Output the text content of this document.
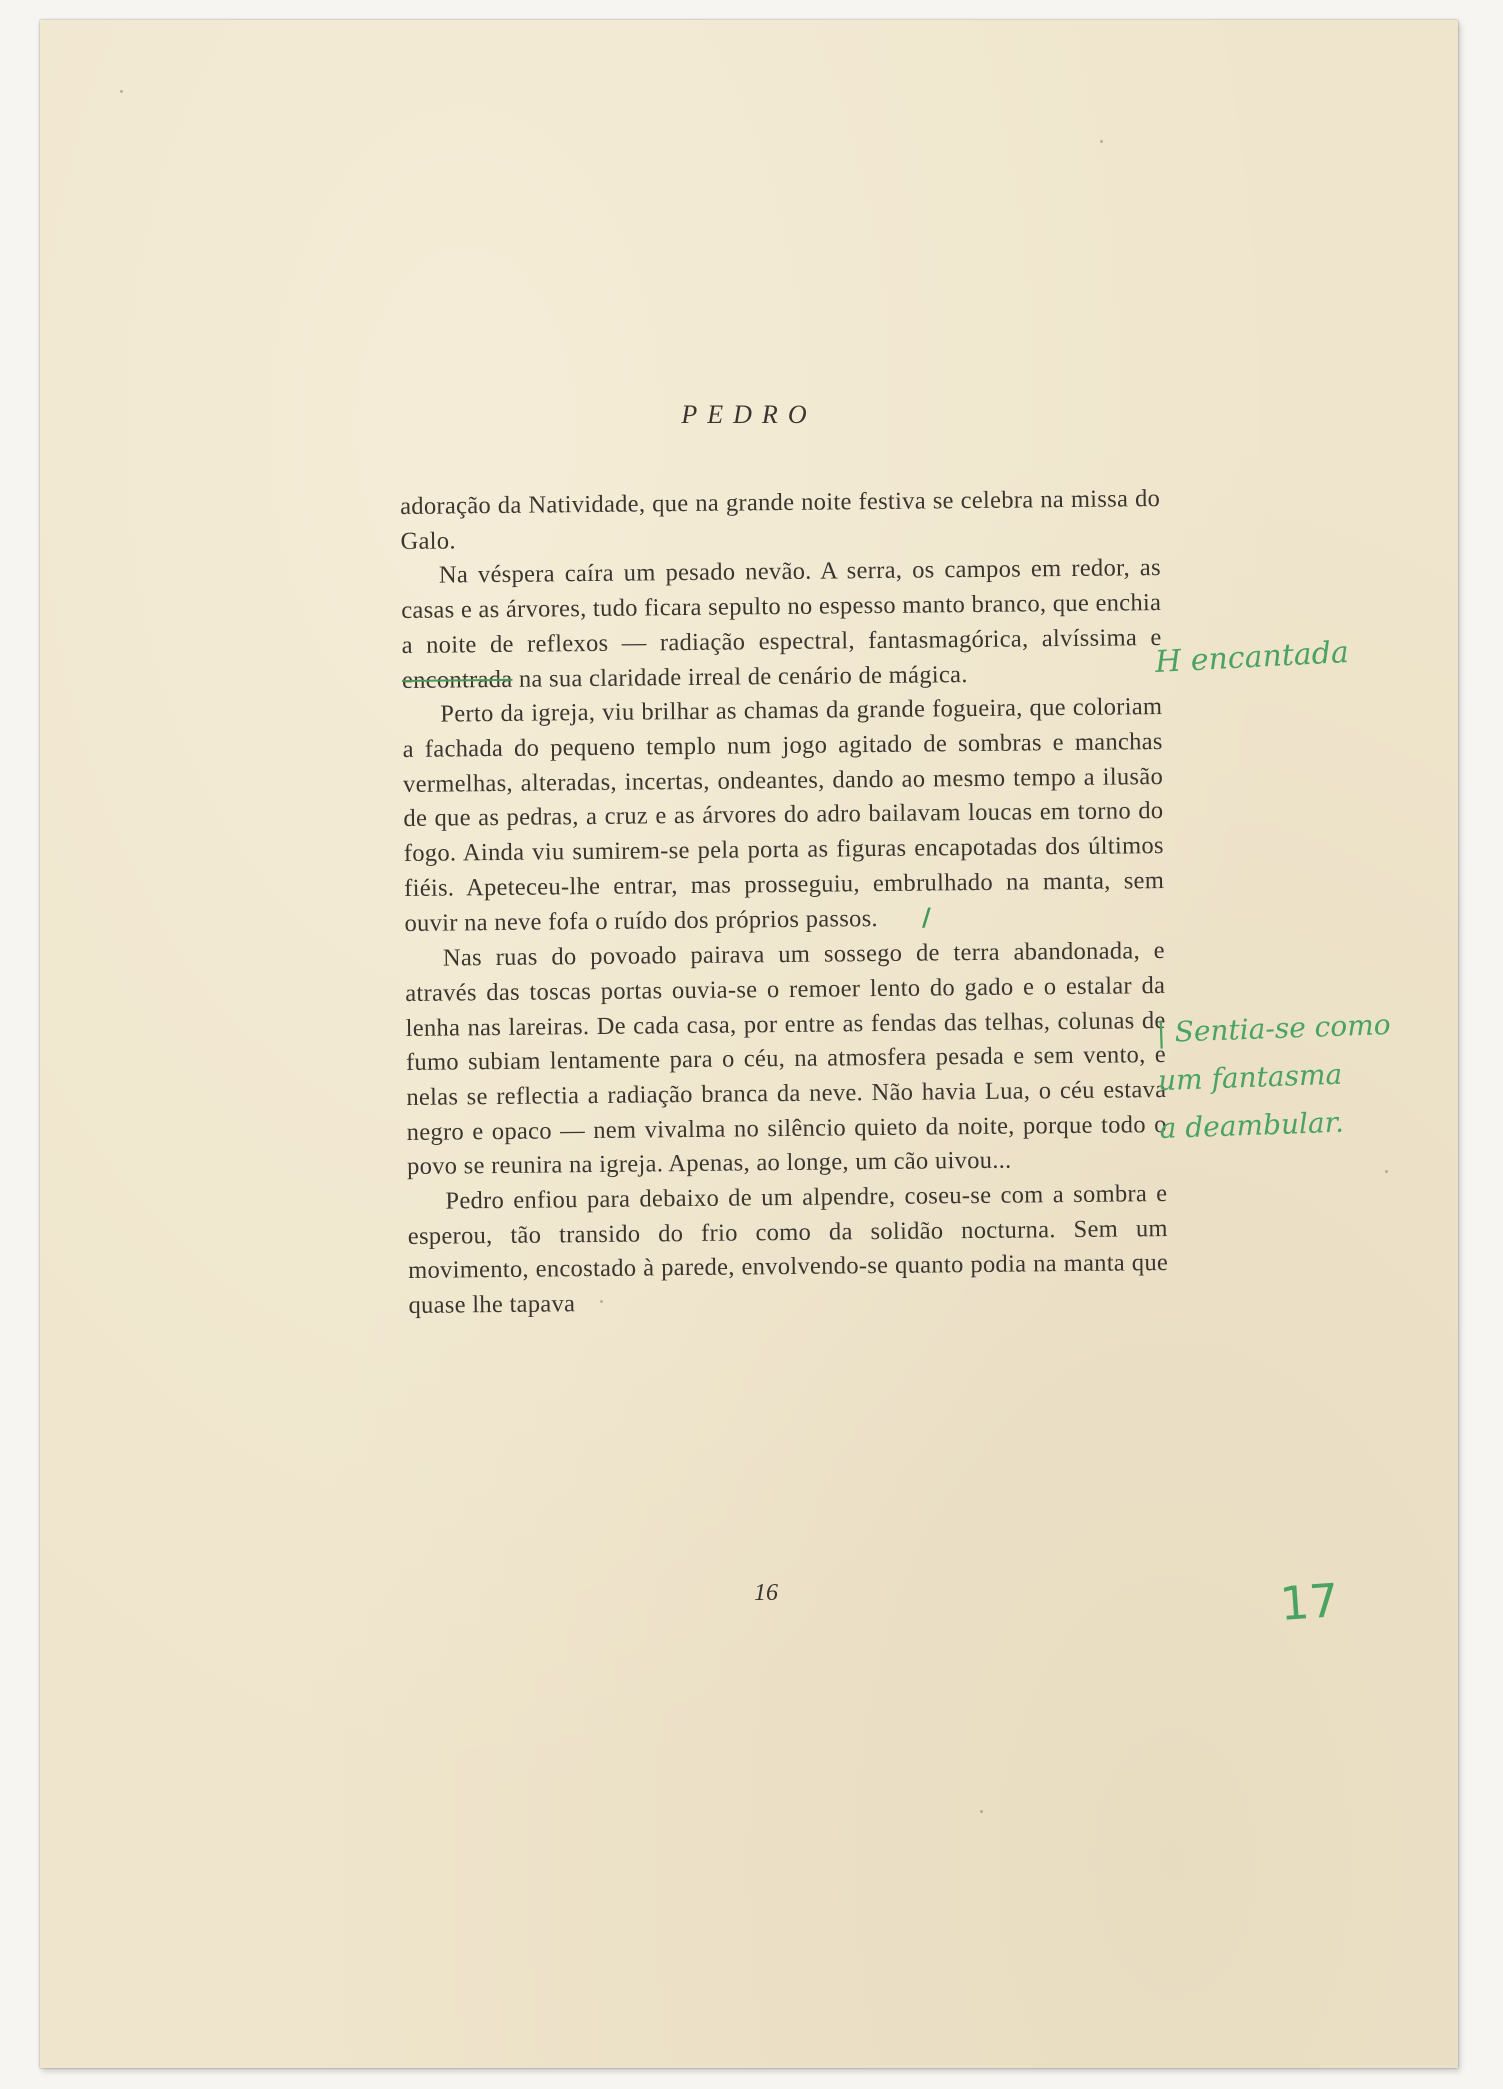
PEDRO

adoração da Natividade, que na grande noite festiva se celebra na missa do Galo.

Na véspera caíra um pesado nevão. A serra, os campos em redor, as casas e as árvores, tudo ficara sepulto no espesso manto branco, que enchia a noite de reflexos — radiação espectral, fantasmagórica, alvíssima e encontrada na sua claridade irreal de cenário de mágica.

Perto da igreja, viu brilhar as chamas da grande fogueira, que coloriam a fachada do pequeno templo num jogo agitado de sombras e manchas vermelhas, alteradas, incertas, ondeantes, dando ao mesmo tempo a ilusão de que as pedras, a cruz e as árvores do adro bailavam loucas em torno do fogo. Ainda viu sumirem-se pela porta as figuras encapotadas dos últimos fiéis. Apeteceu-lhe entrar, mas prosseguiu, embrulhado na manta, sem ouvir na neve fofa o ruído dos próprios passos. /

Nas ruas do povoado pairava um sossego de terra abandonada, e através das toscas portas ouvia-se o remoer lento do gado e o estalar da lenha nas lareiras. De cada casa, por entre as fendas das telhas, colunas de fumo subiam lentamente para o céu, na atmosfera pesada e sem vento, e nelas se reflectia a radiação branca da neve. Não havia Lua, o céu estava negro e opaco — nem vivalma no silêncio quieto da noite, porque todo o povo se reunira na igreja. Apenas, ao longe, um cão uivou...

Pedro enfiou para debaixo de um alpendre, coseu-se com a sombra e esperou, tão transido do frio como da solidão nocturna. Sem um movimento, encostado à parede, envolvendo-se quanto podia na manta que quase lhe tapava

H encantada
| Sentia-se como
um fantasma
a deambular.
16	17
